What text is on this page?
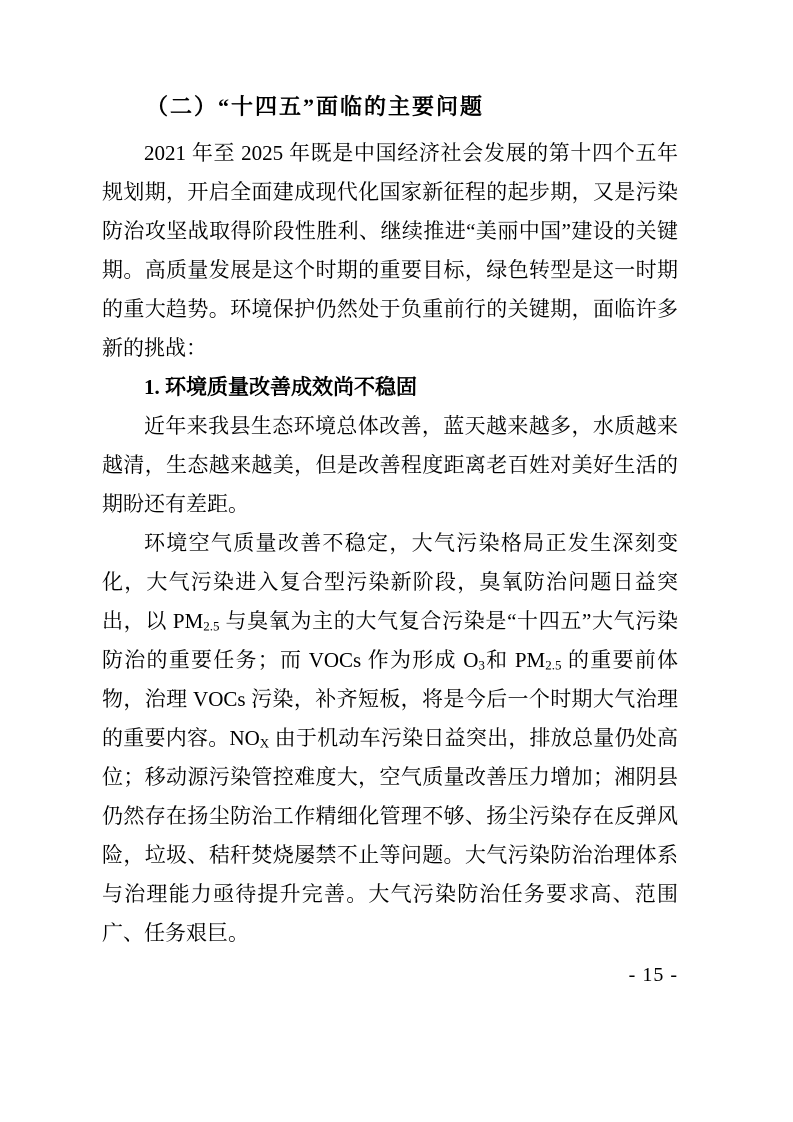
（二）“十四五”面临的主要问题

2021 年至 2025 年既是中国经济社会发展的第十四个五年规划期，开启全面建成现代化国家新征程的起步期，又是污染防治攻坚战取得阶段性胜利、继续推进“美丽中国”建设的关键期。高质量发展是这个时期的重要目标，绿色转型是这一时期的重大趋势。环境保护仍然处于负重前行的关键期，面临许多新的挑战：

1. 环境质量改善成效尚不稳固

近年来我县生态环境总体改善，蓝天越来越多，水质越来越清，生态越来越美，但是改善程度距离老百姓对美好生活的期盼还有差距。

环境空气质量改善不稳定，大气污染格局正发生深刻变化，大气污染进入复合型污染新阶段，臭氧防治问题日益突出，以 $PM_{2.5}$ 与臭氧为主的大气复合污染是“十四五”大气污染防治的重要任务；而 VOCs 作为形成 $O_3$和 $PM_{2.5}$ 的重要前体物，治理 VOCs 污染，补齐短板，将是今后一个时期大气治理的重要内容。$NO_X$ 由于机动车污染日益突出，排放总量仍处高位；移动源污染管控难度大，空气质量改善压力增加；湘阴县仍然存在扬尘防治工作精细化管理不够、扬尘污染存在反弹风险，垃圾、秸秆焚烧屡禁不止等问题。大气污染防治治理体系与治理能力亟待提升完善。大气污染防治任务要求高、范围广、任务艰巨。

- 15 -
